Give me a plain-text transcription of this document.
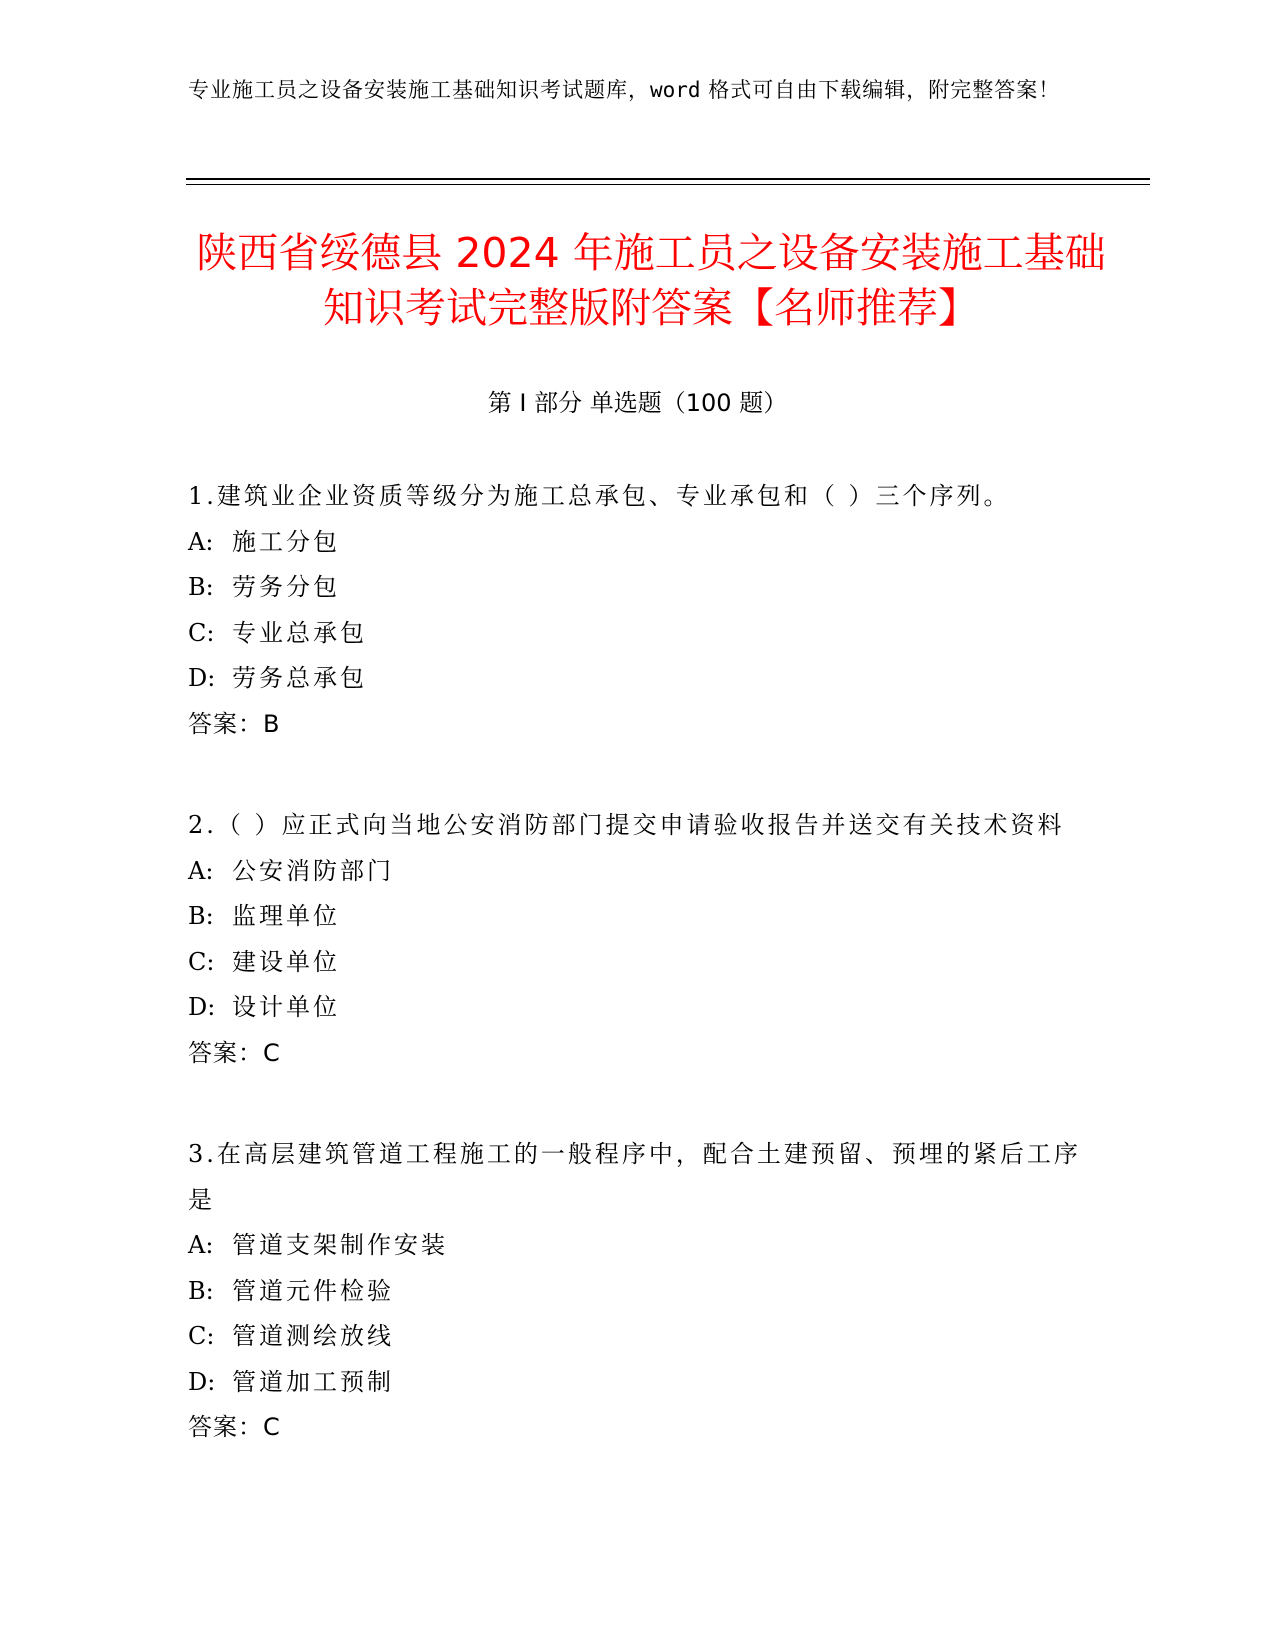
专业施工员之设备安装施工基础知识考试题库，word 格式可自由下载编辑，附完整答案！
陕西省绥德县 2024 年施工员之设备安装施工基础知识考试完整版附答案【名师推荐】
第 I 部分 单选题（100 题）

1.建筑业企业资质等级分为施工总承包、专业承包和（ ）三个序列。

A: 施工分包

B: 劳务分包

C: 专业总承包

D: 劳务总承包

答案：B

2.（ ）应正式向当地公安消防部门提交申请验收报告并送交有关技术资料

A: 公安消防部门

B: 监理单位

C: 建设单位

D: 设计单位

答案：C

3.在高层建筑管道工程施工的一般程序中，配合土建预留、预埋的紧后工序是

A: 管道支架制作安装

B: 管道元件检验

C: 管道测绘放线

D: 管道加工预制

答案：C
